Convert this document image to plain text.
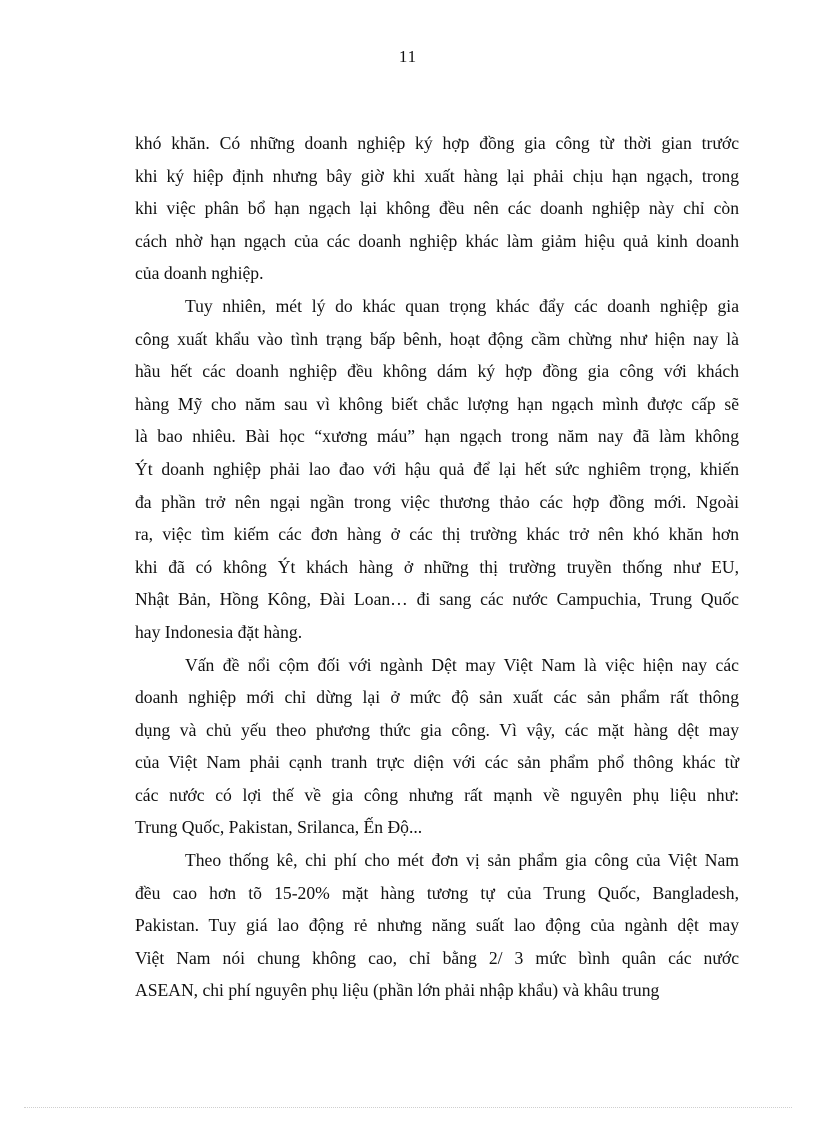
11

khó khăn. Có những doanh nghiệp ký hợp đồng gia công từ thời gian trước
khi ký hiệp định nhưng bây giờ khi xuất hàng lại phải chịu hạn ngạch, trong
khi việc phân bổ hạn ngạch lại không đều nên các doanh nghiệp này chỉ còn
cách nhờ hạn ngạch của các doanh nghiệp khác làm giảm hiệu quả kinh doanh
của doanh nghiệp.

Tuy nhiên, mét lý do khác quan trọng khác đẩy các doanh nghiệp gia
công xuất khẩu vào tình trạng bấp bênh, hoạt động cầm chừng như hiện nay là
hầu hết các doanh nghiệp đều không dám ký hợp đồng gia công với khách
hàng Mỹ cho năm sau vì không biết chắc lượng hạn ngạch mình được cấp sẽ
là bao nhiêu. Bài học “xương máu” hạn ngạch trong năm nay đã làm không
Ýt doanh nghiệp phải lao đao với hậu quả để lại hết sức nghiêm trọng, khiến
đa phần trở nên ngại ngần trong việc thương thảo các hợp đồng mới. Ngoài
ra, việc tìm kiếm các đơn hàng ở các thị trường khác trở nên khó khăn hơn
khi đã có không Ýt khách hàng ở những thị trường truyền thống như EU,
Nhật Bản, Hồng Kông, Đài Loan… đi sang các nước Campuchia, Trung Quốc
hay Indonesia đặt hàng.

Vấn đề nổi cộm đối với ngành Dệt may Việt Nam là việc hiện nay các
doanh nghiệp mới chỉ dừng lại ở mức độ sản xuất các sản phẩm rất thông
dụng và chủ yếu theo phương thức gia công. Vì vậy, các mặt hàng dệt may
của Việt Nam phải cạnh tranh trực diện với các sản phẩm phổ thông khác từ
các nước có lợi thế về gia công nhưng rất mạnh về nguyên phụ liệu như:
Trung Quốc, Pakistan, Srilanca, Ến Độ...

Theo thống kê, chi phí cho mét đơn vị sản phẩm gia công của Việt Nam
đều cao hơn tõ 15-20% mặt hàng tương tự của Trung Quốc, Bangladesh,
Pakistan. Tuy giá lao động rẻ nhưng năng suất lao động của ngành dệt may
Việt Nam nói chung không cao, chỉ bằng 2/ 3 mức bình quân các nước
ASEAN, chi phí nguyên phụ liệu (phần lớn phải nhập khẩu) và khâu trung
